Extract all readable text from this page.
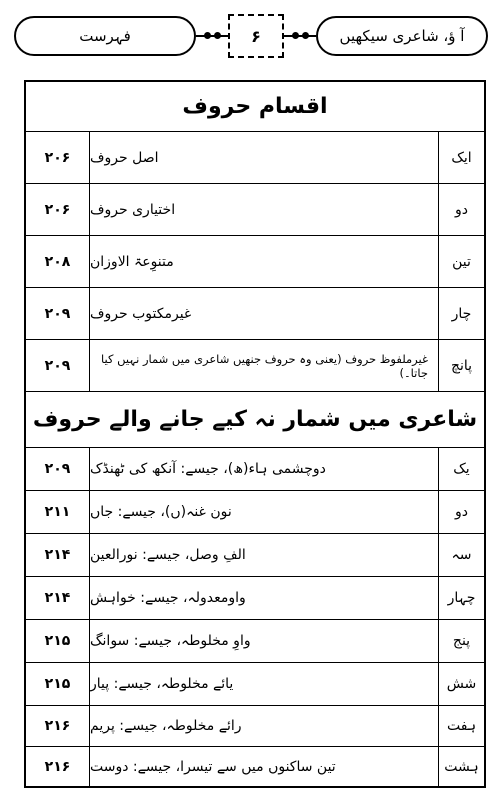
فہرست	۶	آ ؤ، شاعری سیکھیں
اقسام حروف
۲۰۶	اصل حروف	ایک
۲۰۶	اختیاری حروف	دو
۲۰۸	متنوِعۃ الاوزان	تین
۲۰۹	غیرمکتوب حروف	چار
۲۰۹	غیرملفوظ حروف (یعنی وہ حروف جنھیں شاعری میں شمار نہیں کیا جاتا۔)	پانچ
شاعری میں شمار نہ کیے جانے والے حروف
۲۰۹	دوچشمی ہاء(ھ)، جیسے: آنکھ کی ٹھنڈک	یک
۲۱۱	نون غنہ(ں)، جیسے: جاں	دو
۲۱۴	الفِ وصل، جیسے: نورالعین	سہ
۲۱۴	واومعدولہ، جیسے: خواہش	چہار
۲۱۵	واوِ مخلوطہ، جیسے: سوانگ	پنج
۲۱۵	یائے مخلوطہ، جیسے: پیار	شش
۲۱۶	رائے مخلوطہ، جیسے: پریم	ہفت
۲۱۶	تین ساکنوں میں سے تیسرا، جیسے: دوست	ہشت
